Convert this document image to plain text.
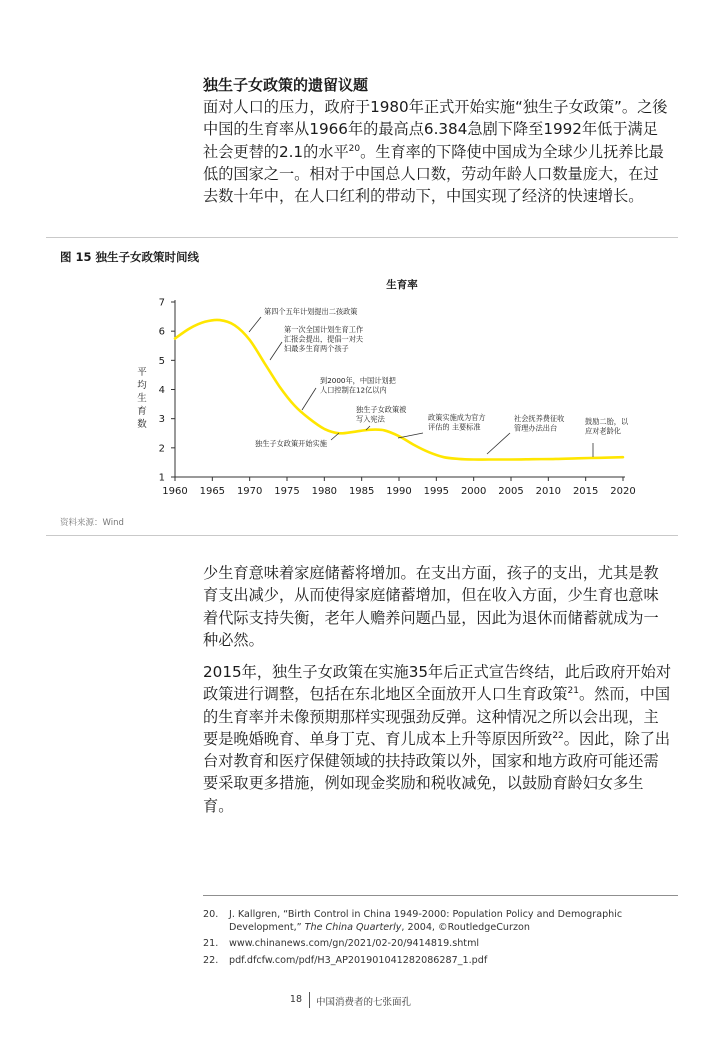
独生子女政策的遗留议题

面对人口的压力，政府于1980年正式开始实施“独生子女政策”。之後中国的生育率从1966年的最高点6.384急剧下降至1992年低于满足社会更替的2.1的水平$^{20}$。生育率的下降使中国成为全球少儿抚养比最低的国家之一。相对于中国总人口数，劳动年龄人口数量庞大，在过去数十年中，在人口红利的带动下，中国实现了经济的快速增长。

图 15 独生子女政策时间线

生育率
平
均
生
育
数
1
2
3
4
5
6
7
1960 1965 1970 1975 1980 1985 1990 1995 2000 2005 2010 2015 2020
第四个五年计划提出二孩政策
第一次全国计划生育工作
汇报会提出，提倡一对夫
妇最多生育两个孩子
到2000年，中国计划把
人口控制在12亿以内
独生子女政策被
写入宪法
独生子女政策开始实施
政策实施成为官方
评估的 主要标准
社会抚养费征收
管理办法出台
鼓励二胎，以
应对老龄化

资料来源：Wind

少生育意味着家庭储蓄将增加。在支出方面，孩子的支出，尤其是教育支出减少，从而使得家庭储蓄增加，但在收入方面，少生育也意味着代际支持失衡，老年人赡养问题凸显，因此为退休而储蓄就成为一种必然。

2015年，独生子女政策在实施35年后正式宣告终结，此后政府开始对政策进行调整，包括在东北地区全面放开人口生育政策$^{21}$。然而，中国的生育率并未像预期那样实现强劲反弹。这种情况之所以会出现，主要是晚婚晚育、单身丁克、育儿成本上升等原因所致$^{22}$。因此，除了出台对教育和医疗保健领域的扶持政策以外，国家和地方政府可能还需要采取更多措施，例如现金奖励和税收减免，以鼓励育龄妇女多生育。

20. J. Kallgren, “Birth Control in China 1949-2000: Population Policy and Demographic Development,” The China Quarterly, 2004, ©RoutledgeCurzon
21. www.chinanews.com/gn/2021/02-20/9414819.shtml
22. pdf.dfcfw.com/pdf/H3_AP201901041282086287_1.pdf
18 中国消费者的七张面孔
